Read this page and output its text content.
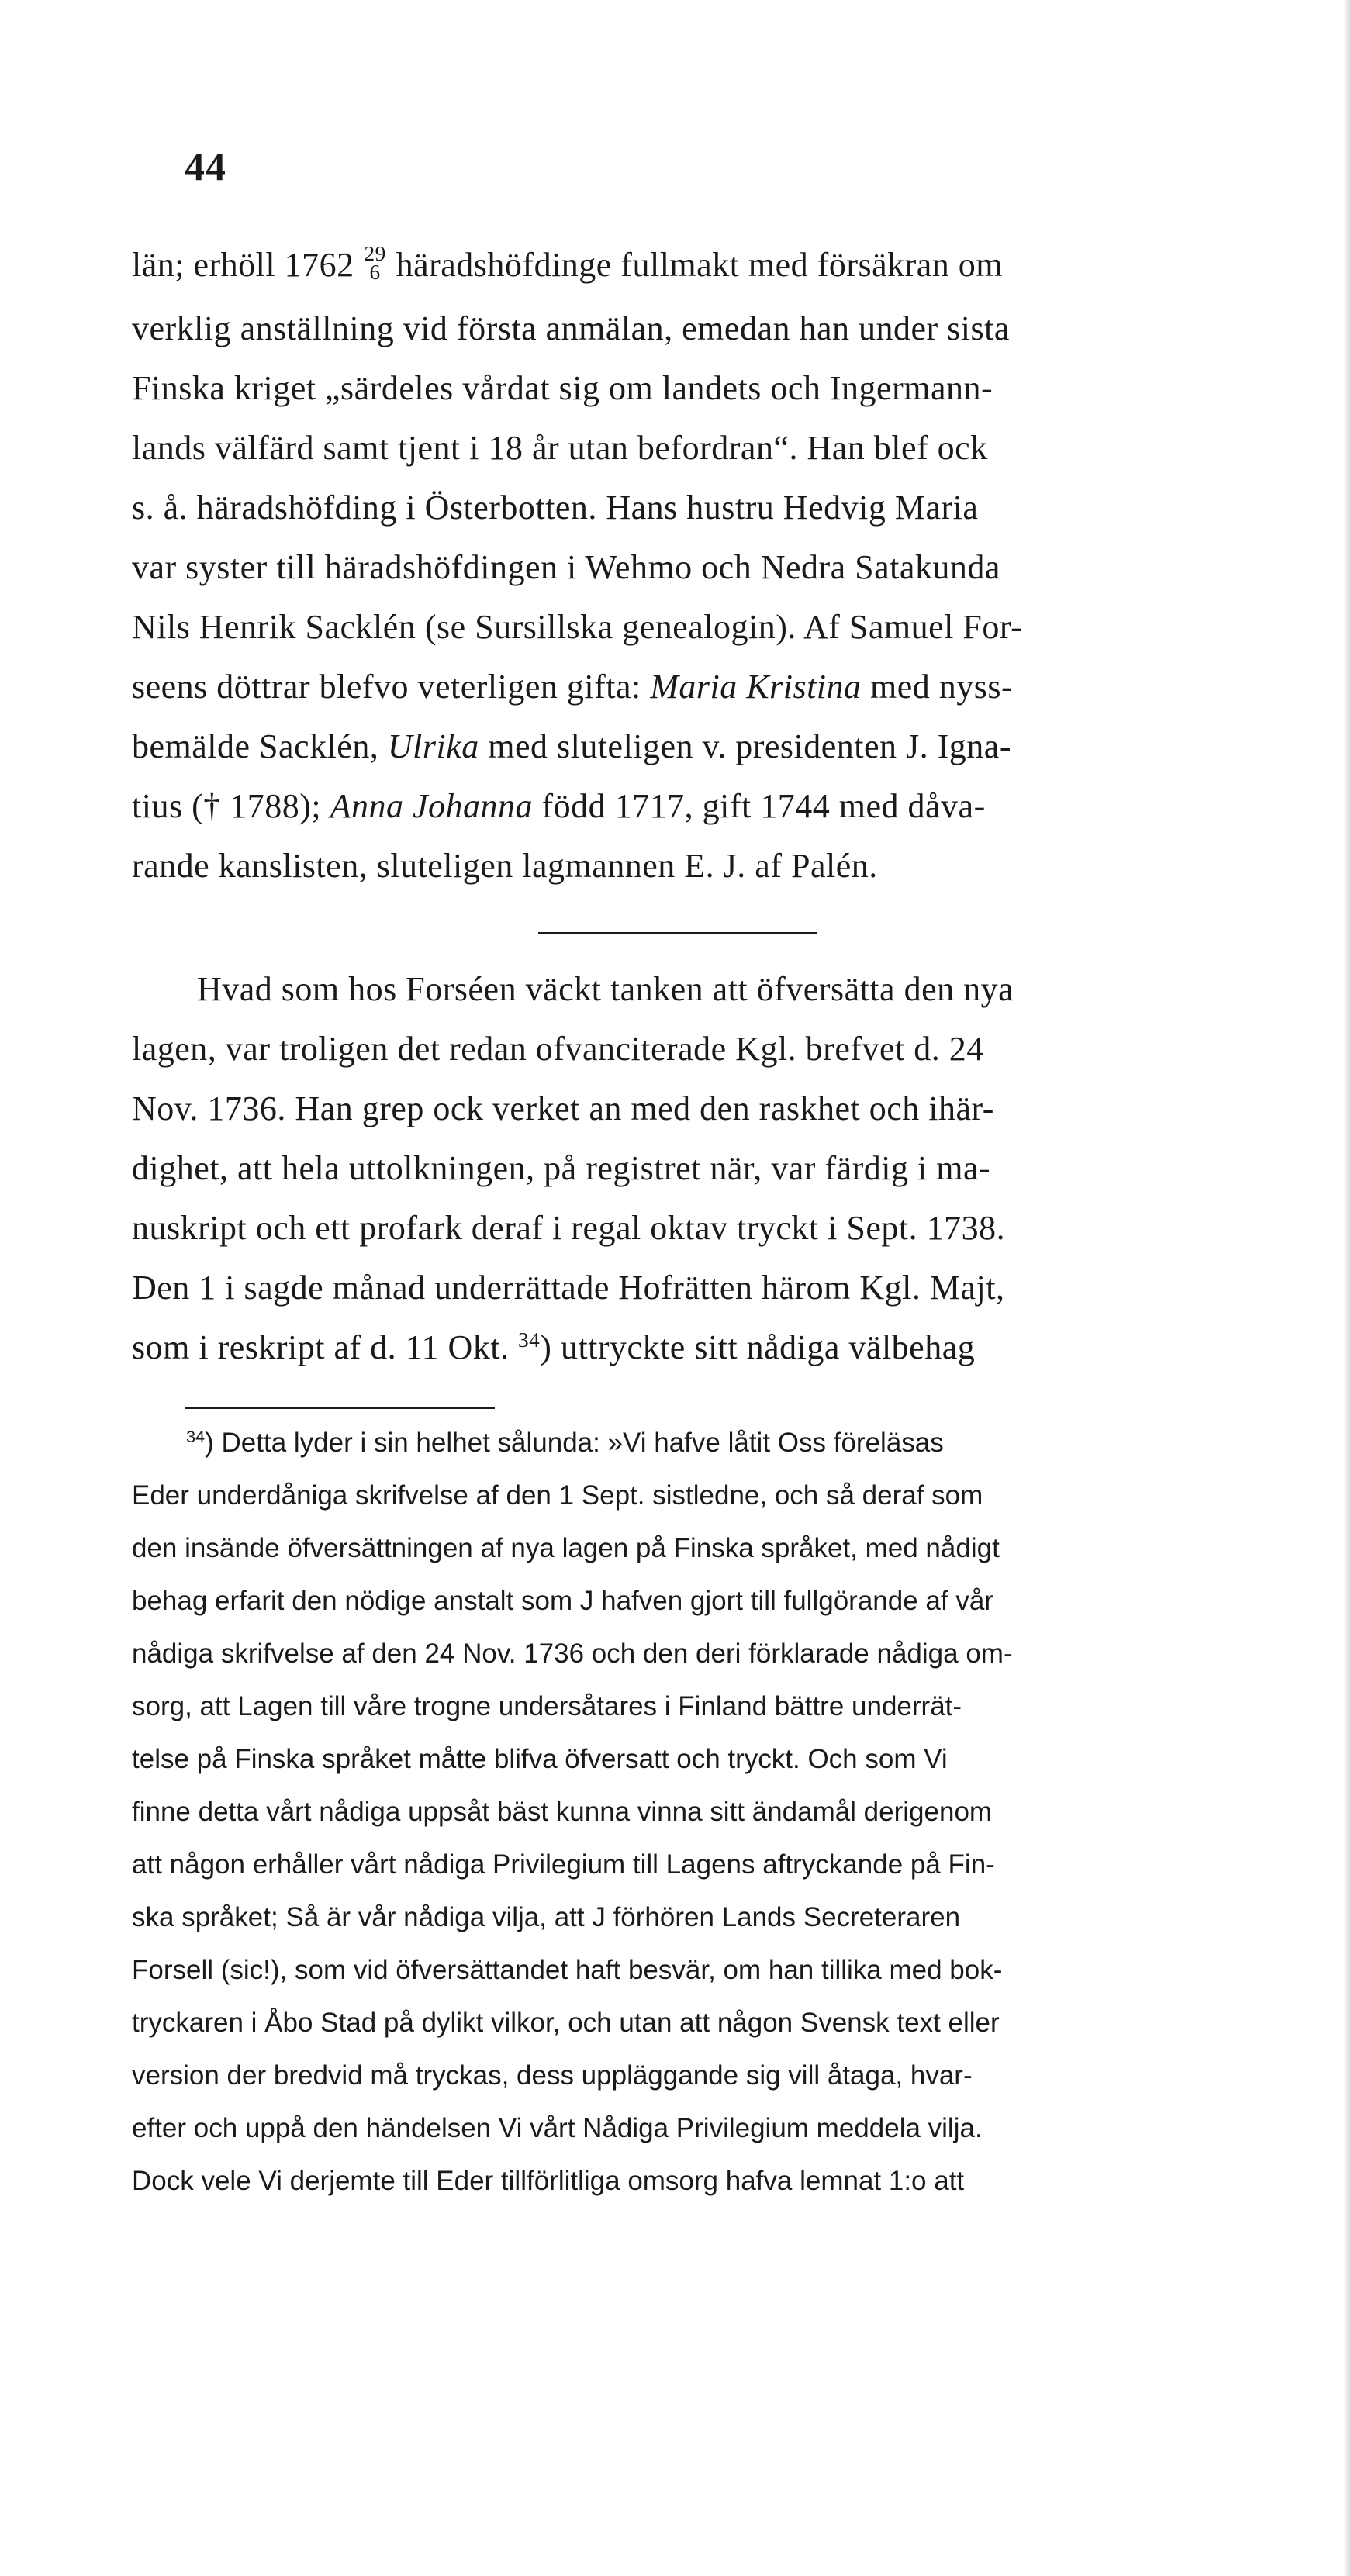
44
län; erhöll 1762 29
6 häradshöfdinge fullmakt med försäkran om
verklig anställning vid första anmälan, emedan han under sista
Finska kriget „särdeles vårdat sig om landets och Ingermann-
lands välfärd samt tjent i 18 år utan befordran“. Han blef ock
s. å. häradshöfding i Österbotten. Hans hustru Hedvig Maria
var syster till häradshöfdingen i Wehmo och Nedra Satakunda
Nils Henrik Sacklén (se Sursillska genealogin). Af Samuel For-
seens döttrar blefvo veterligen gifta: Maria Kristina med nyss-
bemälde Sacklén, Ulrika med sluteligen v. presidenten J. Igna-
tius († 1788); Anna Johanna född 1717, gift 1744 med dåva-
rande kanslisten, sluteligen lagmannen E. J. af Palén.
Hvad som hos Forséen väckt tanken att öfversätta den nya
lagen, var troligen det redan ofvanciterade Kgl. brefvet d. 24
Nov. 1736. Han grep ock verket an med den raskhet och ihär-
dighet, att hela uttolkningen, på registret när, var färdig i ma-
nuskript och ett profark deraf i regal oktav tryckt i Sept. 1738.
Den 1 i sagde månad underrättade Hofrätten härom Kgl. Majt,
som i reskript af d. 11 Okt. $^{34}$) uttryckte sitt nådiga välbehag
$^{34}$) Detta lyder i sin helhet sålunda: »Vi hafve låtit Oss föreläsas
Eder underdåniga skrifvelse af den 1 Sept. sistledne, och så deraf som
den insände öfversättningen af nya lagen på Finska språket, med nådigt
behag erfarit den nödige anstalt som J hafven gjort till fullgörande af vår
nådiga skrifvelse af den 24 Nov. 1736 och den deri förklarade nådiga om-
sorg, att Lagen till våre trogne undersåtares i Finland bättre underrät-
telse på Finska språket måtte blifva öfversatt och tryckt. Och som Vi
finne detta vårt nådiga uppsåt bäst kunna vinna sitt ändamål derigenom
att någon erhåller vårt nådiga Privilegium till Lagens aftryckande på Fin-
ska språket; Så är vår nådiga vilja, att J förhören Lands Secreteraren
Forsell (sic!), som vid öfversättandet haft besvär, om han tillika med bok-
tryckaren i Åbo Stad på dylikt vilkor, och utan att någon Svensk text eller
version der bredvid må tryckas, dess uppläggande sig vill åtaga, hvar-
efter och uppå den händelsen Vi vårt Nådiga Privilegium meddela vilja.
Dock vele Vi derjemte till Eder tillförlitliga omsorg hafva lemnat 1:o att
